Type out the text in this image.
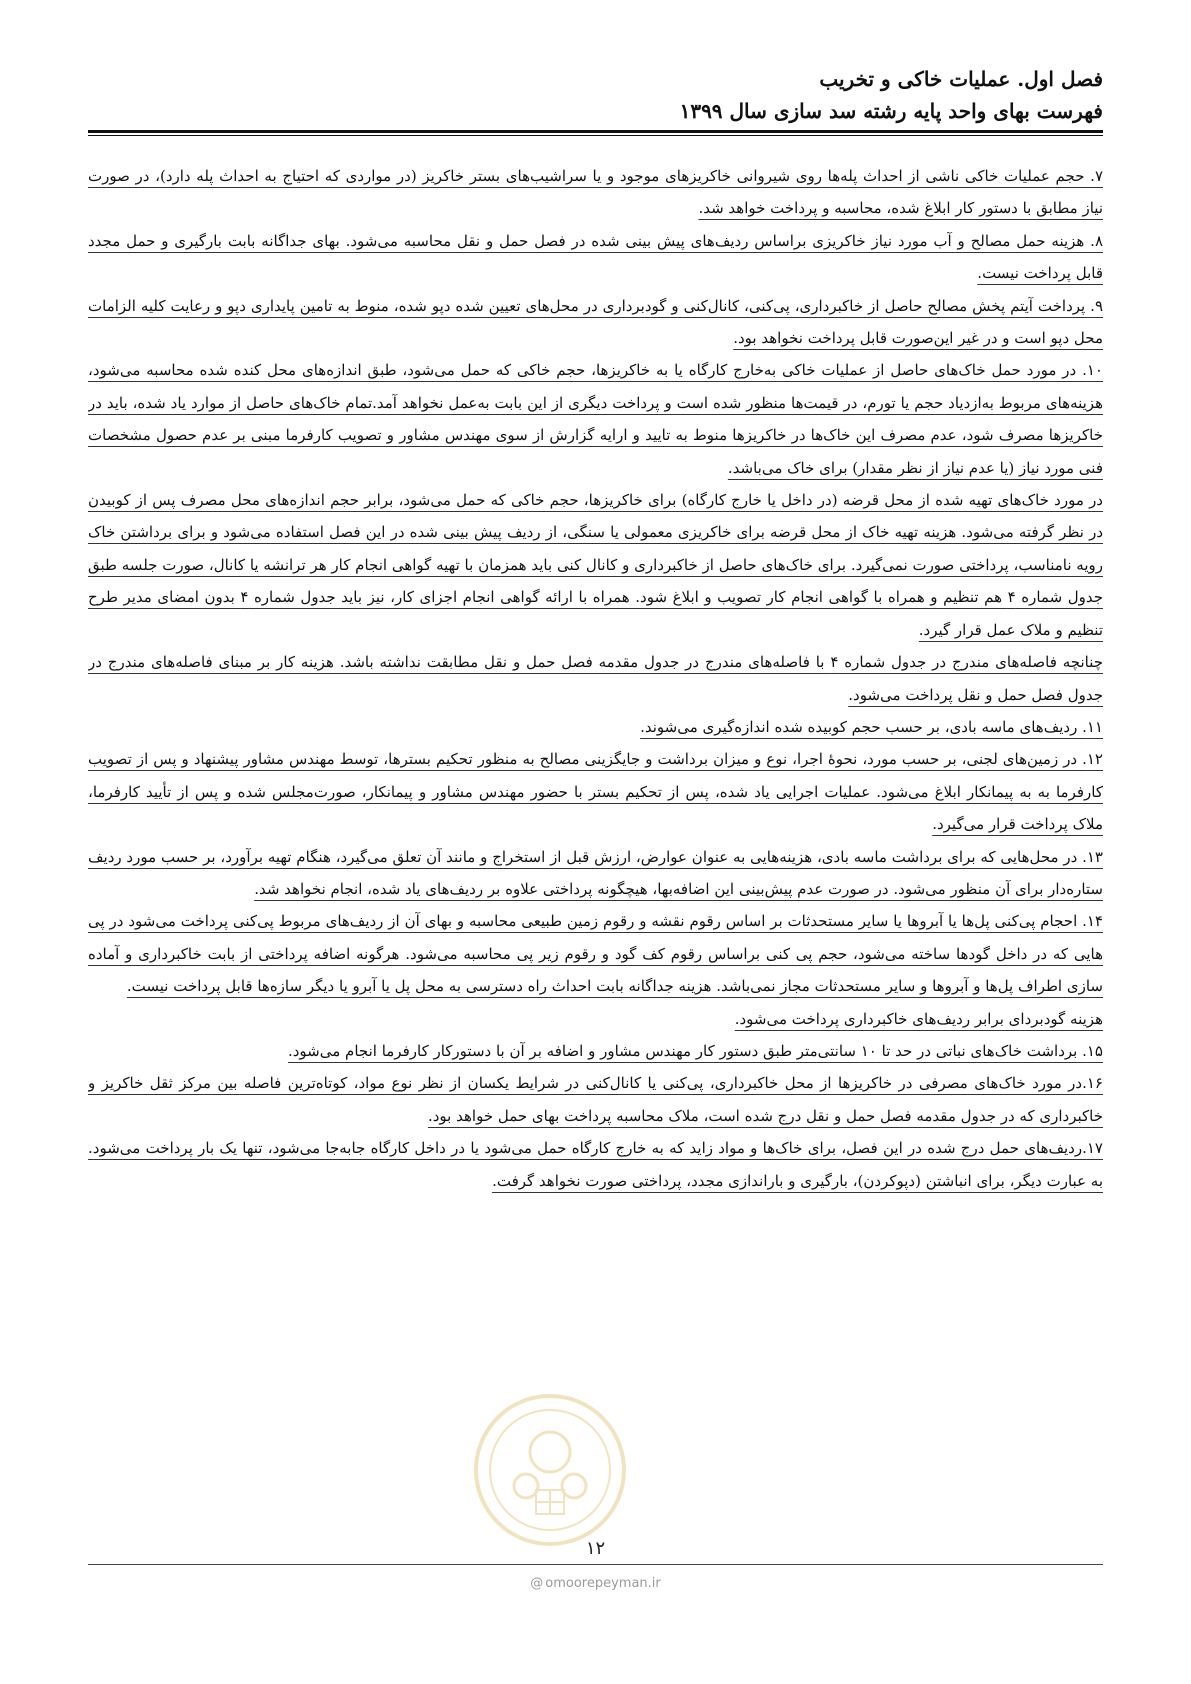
فصل اول. عملیات خاکی و تخریب
فهرست بهای واحد پایه رشته سد سازی سال ۱۳۹۹

۷. حجم عملیات خاکی ناشی از احداث پله‌ها روی شیروانی خاکریزهای موجود و یا سراشیب‌های بستر خاکریز (در مواردی که احتیاج به احداث پله دارد)، در صورت نیاز مطابق با دستور کار ابلاغ شده، محاسبه و پرداخت خواهد شد.

۸. هزینه حمل مصالح و آب مورد نیاز خاکریزی براساس ردیف‌های پیش بینی شده در فصل حمل و نقل محاسبه می‌شود. بهای جداگانه بابت بارگیری و حمل مجدد قابل پرداخت نیست.

۹. پرداخت آیتم پخش مصالح حاصل از خاکبرداری، پی‌کنی، کانال‌کنی و گودبرداری در محل‌های تعیین شده دپو شده، منوط به تامین پایداری دپو و رعایت کلیه الزامات محل دپو است و در غیر این‌صورت قابل پرداخت نخواهد بود.

۱۰. در مورد حمل خاک‌های حاصل از عملیات خاکی به‌خارج کارگاه یا به خاکریزها، حجم خاکی که حمل می‌شود، طبق اندازه‌های محل کنده شده محاسبه می‌شود، هزینه‌های مربوط به‌ازدیاد حجم یا تورم، در قیمت‌ها منظور شده است و پرداخت دیگری از این بابت به‌عمل نخواهد آمد.تمام خاک‌های حاصل از موارد یاد شده، باید در خاکریزها مصرف شود، عدم مصرف این خاک‌ها در خاکریزها منوط به تایید و ارایه گزارش از سوی مهندس مشاور و تصویب کارفرما مبنی بر عدم حصول مشخصات فنی مورد نیاز (یا عدم نیاز از نظر مقدار) برای خاک می‌باشد.

در مورد خاک‌های تهیه شده از محل قرضه (در داخل یا خارج کارگاه) برای خاکریزها، حجم خاکی که حمل می‌شود، برابر حجم اندازه‌های محل مصرف پس از کوبیدن در نظر گرفته می‌شود. هزینه تهیه خاک از محل قرضه برای خاکریزی معمولی یا سنگی، از ردیف پیش بینی شده در این فصل استفاده می‌شود و برای برداشتن خاک رویه نامناسب، پرداختی صورت نمی‌گیرد. برای خاک‌های حاصل از خاکبرداری و کانال کنی باید همزمان با تهیه گواهی انجام کار هر ترانشه یا کانال، صورت جلسه طبق جدول شماره ۴ هم تنظیم و همراه با گواهی انجام کار تصویب و ابلاغ شود. همراه با ارائه گواهی انجام اجزای کار، نیز باید جدول شماره ۴ بدون امضای مدیر طرح تنظیم و ملاک عمل قرار گیرد.

چنانچه فاصله‌های مندرج در جدول شماره ۴ با فاصله‌های مندرج در جدول مقدمه فصل حمل و نقل مطابقت نداشته باشد. هزینه کار بر مبنای فاصله‌های مندرج در جدول فصل حمل و نقل پرداخت می‌شود.

۱۱. ردیف‌های ماسه بادی، بر حسب حجم کوبیده شده اندازه‌گیری می‌شوند.

۱۲. در زمین‌های لجنی، بر حسب مورد، نحوهٔ اجرا، نوع و میزان برداشت و جایگزینی مصالح به منظور تحکیم بسترها، توسط مهندس مشاور پیشنهاد و پس از تصویب کارفرما به به پیمانکار ابلاغ می‌شود. عملیات اجرایی یاد شده، پس از تحکیم بستر با حضور مهندس مشاور و پیمانکار، صورت‌مجلس شده و پس از تأیید کارفرما، ملاک پرداخت قرار می‌گیرد.

۱۳. در محل‌هایی که برای برداشت ماسه بادی، هزینه‌هایی به عنوان عوارض، ارزش قبل از استخراج و مانند آن تعلق می‌گیرد، هنگام تهیه برآورد، بر حسب مورد ردیف ستاره‌دار برای آن منظور می‌شود. در صورت عدم پیش‌بینی این اضافه‌بها، هیچگونه پرداختی علاوه بر ردیف‌های یاد شده، انجام نخواهد شد.

۱۴. احجام پی‌کنی پل‌ها یا آبروها یا سایر مستحدثات بر اساس رقوم نقشه و رقوم زمین طبیعی محاسبه و بهای آن از ردیف‌های مربوط پی‌کنی پرداخت می‌شود در پی هایی که در داخل گودها ساخته می‌شود، حجم پی کنی براساس رقوم کف گود و رقوم زیر پی محاسبه می‌شود. هرگونه اضافه پرداختی از بابت خاکبرداری و آماده سازی اطراف پل‌ها و آبروها و سایر مستحدثات مجاز نمی‌باشد. هزینه جداگانه بابت احداث راه دسترسی به محل پل یا آبرو یا دیگر سازه‌ها قابل پرداخت نیست.

هزینه گودبردای برابر ردیف‌های خاکبرداری پرداخت می‌شود.

۱۵. برداشت خاک‌های نباتی در حد تا ۱۰ سانتی‌متر طبق دستور کار مهندس مشاور و اضافه بر آن با دستورکار کارفرما انجام می‌شود.

۱۶.در مورد خاک‌های مصرفی در خاکریزها از محل خاکبرداری، پی‌کنی یا کانال‌کنی در شرایط یکسان از نظر نوع مواد، کوتاه‌ترین فاصله بین مرکز ثقل خاکریز و خاکبرداری که در جدول مقدمه فصل حمل و نقل درج شده است، ملاک محاسبه پرداخت بهای حمل خواهد بود.

۱۷.ردیف‌های حمل درج شده در این فصل، برای خاک‌ها و مواد زاید که به خارج کارگاه حمل می‌شود یا در داخل کارگاه جابه‌جا می‌شود، تنها یک بار پرداخت می‌شود. به عبارت دیگر، برای انباشتن (دپوکردن)، بارگیری و باراندازی مجدد، پرداختی صورت نخواهد گرفت.

۱۲
@ omoorepeyman.ir
